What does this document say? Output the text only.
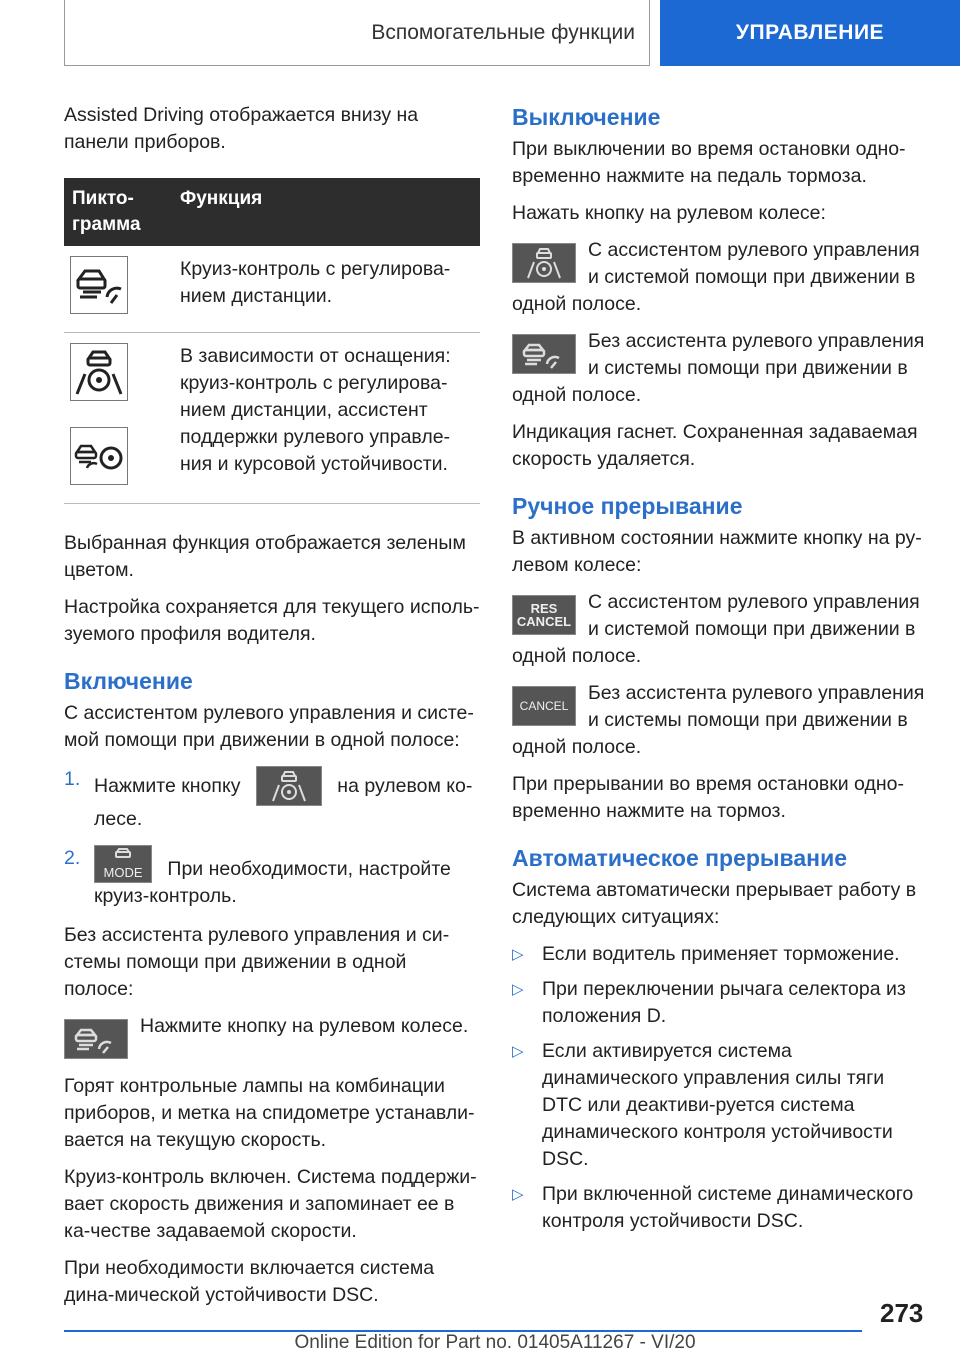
Вспомогательные функции	УПРАВЛЕНИЕ

Assisted Driving отображается внизу на панели приборов.

Пикто-грамма	Функция

	Круиз-контроль с регулирова-нием дистанции.

	В зависимости от оснащения: круиз-контроль с регулирова-нием дистанции, ассистент поддержки рулевого управле-ния и курсовой устойчивости.

Выбранная функция отображается зеленым цветом.

Настройка сохраняется для текущего исполь-зуемого профиля водителя.

Включение

С ассистентом рулевого управления и систе-мой помощи при движении в одной полосе:

1. Нажмите кнопку	на рулевом ко-лесе.
2.
MODE	При необходимости, настройте круиз-контроль.

Без ассистента рулевого управления и си-стемы помощи при движении в одной полосе:

Нажмите кнопку на рулевом колесе.

Горят контрольные лампы на комбинации приборов, и метка на спидометре устанавли-вается на текущую скорость.

Круиз-контроль включен. Система поддержи-вает скорость движения и запоминает ее в ка-честве задаваемой скорости.

При необходимости включается система дина-мической устойчивости DSC.

Выключение

При выключении во время остановки одно-временно нажмите на педаль тормоза.

Нажать кнопку на рулевом колесе:

С ассистентом рулевого управления и системой помощи при движении в одной полосе.

Без ассистента рулевого управления и системы помощи при движении в одной полосе.

Индикация гаснет. Сохраненная задаваемая скорость удаляется.

Ручное прерывание

В активном состоянии нажмите кнопку на ру-левом колесе:

RES
CANCEL

С ассистентом рулевого управления и системой помощи при движении в одной полосе.

CANCEL

Без ассистента рулевого управления и системы помощи при движении в одной полосе.

При прерывании во время остановки одно-временно нажмите на тормоз.

Автоматическое прерывание

Система автоматически прерывает работу в следующих ситуациях:

▷ Если водитель применяет торможение.
▷ При переключении рычага селектора из положения D.
▷ Если активируется система динамического управления силы тяги DTC или деактиви-руется система динамического контроля устойчивости DSC.
▷ При включенной системе динамического контроля устойчивости DSC.
273
Online Edition for Part no. 01405A11267 - VI/20
